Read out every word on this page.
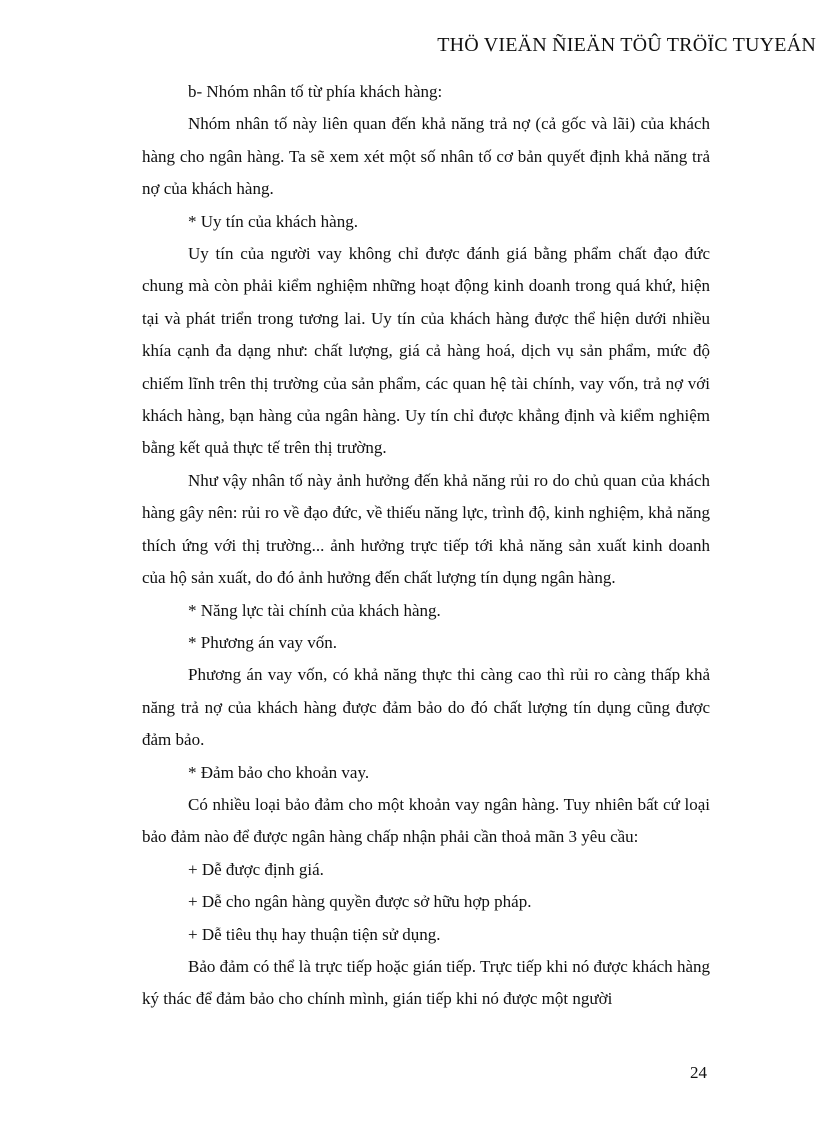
THÖ VIEÄN ÑIEÄN TÖÛ TRÖÏC TUYEÁN

b- Nhóm nhân tố từ phía khách hàng:

Nhóm nhân tố này liên quan đến khả năng trả nợ (cả gốc và lãi) của khách hàng cho ngân hàng. Ta sẽ xem xét một số nhân tố cơ bản quyết định khả năng trả nợ của khách hàng.

* Uy tín của khách hàng.

Uy tín của người vay không chỉ được đánh giá bằng phẩm chất đạo đức chung mà còn phải kiểm nghiệm những hoạt động kinh doanh trong quá khứ, hiện tại và phát triển trong tương lai. Uy tín của khách hàng được thể hiện dưới nhiều khía cạnh đa dạng như: chất lượng, giá cả hàng hoá, dịch vụ sản phẩm, mức độ chiếm lĩnh trên thị trường của sản phẩm, các quan hệ tài chính, vay vốn, trả nợ với khách hàng, bạn hàng của ngân hàng. Uy tín chỉ được khẳng định và kiểm nghiệm bằng kết quả thực tế trên thị trường.

Như vậy nhân tố này ảnh hưởng đến khả năng rủi ro do chủ quan của khách hàng gây nên: rủi ro về đạo đức, về thiếu năng lực, trình độ, kinh nghiệm, khả năng thích ứng với thị trường... ảnh hưởng trực tiếp tới khả năng sản xuất kinh doanh của hộ sản xuất, do đó ảnh hưởng đến chất lượng tín dụng ngân hàng.

* Năng lực tài chính của khách hàng.

* Phương án vay vốn.

Phương án vay vốn, có khả năng thực thi càng cao thì rủi ro càng thấp khả năng trả nợ của khách hàng được đảm bảo do đó chất lượng tín dụng cũng được đảm bảo.

* Đảm bảo cho khoản vay.

Có nhiều loại bảo đảm cho một khoản vay ngân hàng. Tuy nhiên bất cứ loại bảo đảm nào để được ngân hàng chấp nhận phải cần thoả mãn 3 yêu cầu:

+ Dễ được định giá.

+ Dễ cho ngân hàng quyền được sở hữu hợp pháp.

+ Dễ tiêu thụ hay thuận tiện sử dụng.

Bảo đảm có thể là trực tiếp hoặc gián tiếp. Trực tiếp khi nó được khách hàng ký thác để đảm bảo cho chính mình, gián tiếp khi nó được một người

24
